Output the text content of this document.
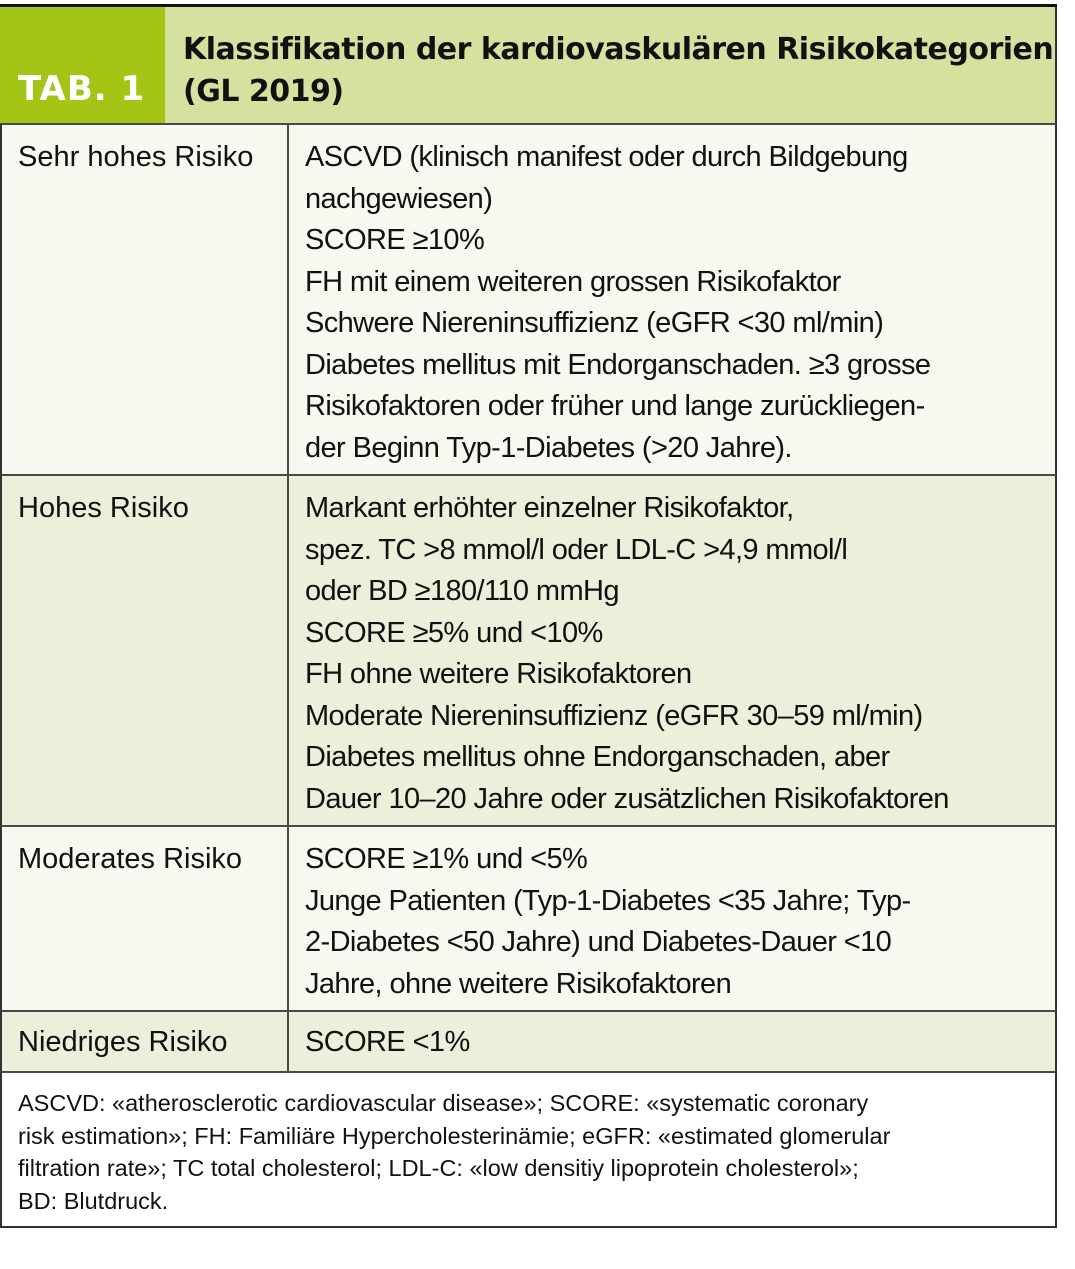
TAB. 1
Klassifikation der kardiovaskulären Risikokategorien
(GL 2019)
Sehr hohes Risiko	ASCVD (klinisch manifest oder durch Bildgebung
nachgewiesen)
SCORE ≥10%
FH mit einem weiteren grossen Risikofaktor
Schwere Niereninsuffizienz (eGFR <30 ml/min)
Diabetes mellitus mit Endorganschaden. ≥3 grosse
Risikofaktoren oder früher und lange zurückliegen-
der Beginn Typ-1-Diabetes (>20 Jahre).
Hohes Risiko	Markant erhöhter einzelner Risikofaktor,
spez. TC >8 mmol/l oder LDL-C >4,9 mmol/l
oder BD ≥180/110 mmHg
SCORE ≥5% und <10%
FH ohne weitere Risikofaktoren
Moderate Niereninsuffizienz (eGFR 30–59 ml/min)
Diabetes mellitus ohne Endorganschaden, aber
Dauer 10–20 Jahre oder zusätzlichen Risikofaktoren
Moderates Risiko	SCORE ≥1% und <5%
Junge Patienten (Typ-1-Diabetes <35 Jahre; Typ-
2-Diabetes <50 Jahre) und Diabetes-Dauer <10
Jahre, ohne weitere Risikofaktoren
Niedriges Risiko	SCORE <1%
ASCVD: «atherosclerotic cardiovascular disease»; SCORE: «systematic coronary
risk estimation»; FH: Familiäre Hypercholesterinämie; eGFR: «estimated glomerular
filtration rate»; TC total cholesterol; LDL-C: «low densitiy lipoprotein cholesterol»;
BD: Blutdruck.
